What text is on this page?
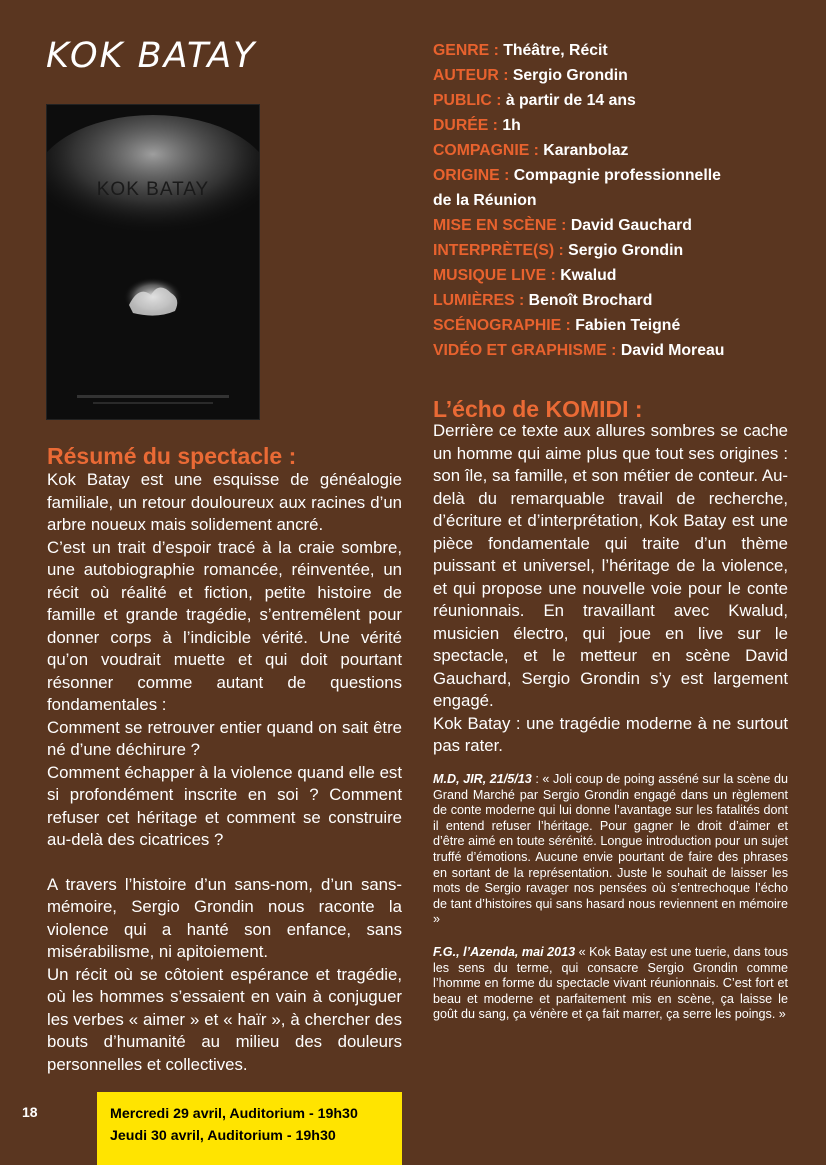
KOK BATAY
KOK BATAY
GENRE : Théâtre, Récit
AUTEUR : Sergio Grondin
PUBLIC : à partir de 14 ans
DURÉE : 1h
COMPAGNIE : Karanbolaz
ORIGINE : Compagnie professionnelle
de la Réunion
MISE EN SCÈNE : David Gauchard
INTERPRÈTE(S) : Sergio Grondin
MUSIQUE LIVE : Kwalud
LUMIÈRES : Benoît Brochard
SCÉNOGRAPHIE : Fabien Teigné
VIDÉO ET GRAPHISME : David Moreau
Résumé du spectacle :

Kok Batay est une esquisse de généalogie familiale, un retour douloureux aux racines d’un arbre noueux mais solidement ancré.

C’est un trait d’espoir tracé à la craie sombre, une autobiographie romancée, réinventée, un récit où réalité et fiction, petite histoire de famille et grande tragédie, s’entremêlent pour donner corps à l’indicible vérité. Une vérité qu’on voudrait muette et qui doit pourtant résonner comme autant de questions fondamentales :

Comment se retrouver entier quand on sait être né d’une déchirure ?

Comment échapper à la violence quand elle est si profondément inscrite en soi ? Comment refuser cet héritage et comment se construire au-delà des cicatrices ?

A travers l’histoire d’un sans-nom, d’un sans-mémoire, Sergio Grondin nous raconte la violence qui a hanté son enfance, sans misérabilisme, ni apitoiement.

Un récit où se côtoient espérance et tragédie, où les hommes s’essaient en vain à conjuguer les verbes « aimer » et « haïr », à chercher des bouts d’humanité au milieu des douleurs personnelles et collectives.

L’écho de KOMIDI :

Derrière ce texte aux allures sombres se cache un homme qui aime plus que tout ses origines : son île, sa famille, et son métier de conteur. Au-delà du remarquable travail de recherche, d’écriture et d’interprétation, Kok Batay est une pièce fondamentale qui traite d’un thème puissant et universel, l’héritage de la violence, et qui propose une nouvelle voie pour le conte réunionnais. En travaillant avec Kwalud, musicien électro, qui joue en live sur le spectacle, et le metteur en scène David Gauchard, Sergio Grondin s’y est largement engagé.

Kok Batay : une tragédie moderne à ne surtout pas rater.

M.D, JIR, 21/5/13 : « Joli coup de poing asséné sur la scène du Grand Marché par Sergio Grondin engagé dans un règlement de conte moderne qui lui donne l’avantage sur les fatalités dont il entend refuser l’héritage. Pour gagner le droit d’aimer et d’être aimé en toute sérénité. Longue introduction pour un sujet truffé d’émotions. Aucune envie pourtant de faire des phrases en sortant de la représentation. Juste le souhait de laisser les mots de Sergio ravager nos pensées où s’entrechoque l’écho de tant d’histoires qui sans hasard nous reviennent en mémoire »

F.G., l’Azenda, mai 2013 « Kok Batay est une tuerie, dans tous les sens du terme, qui consacre Sergio Grondin comme l’homme en forme du spectacle vivant réunionnais. C’est fort et beau et moderne et parfaitement mis en scène, ça laisse le goût du sang, ça vénère et ça fait marrer, ça serre les poings. »

18	Mercredi 29 avril, Auditorium - 19h30
Jeudi 30 avril, Auditorium - 19h30
